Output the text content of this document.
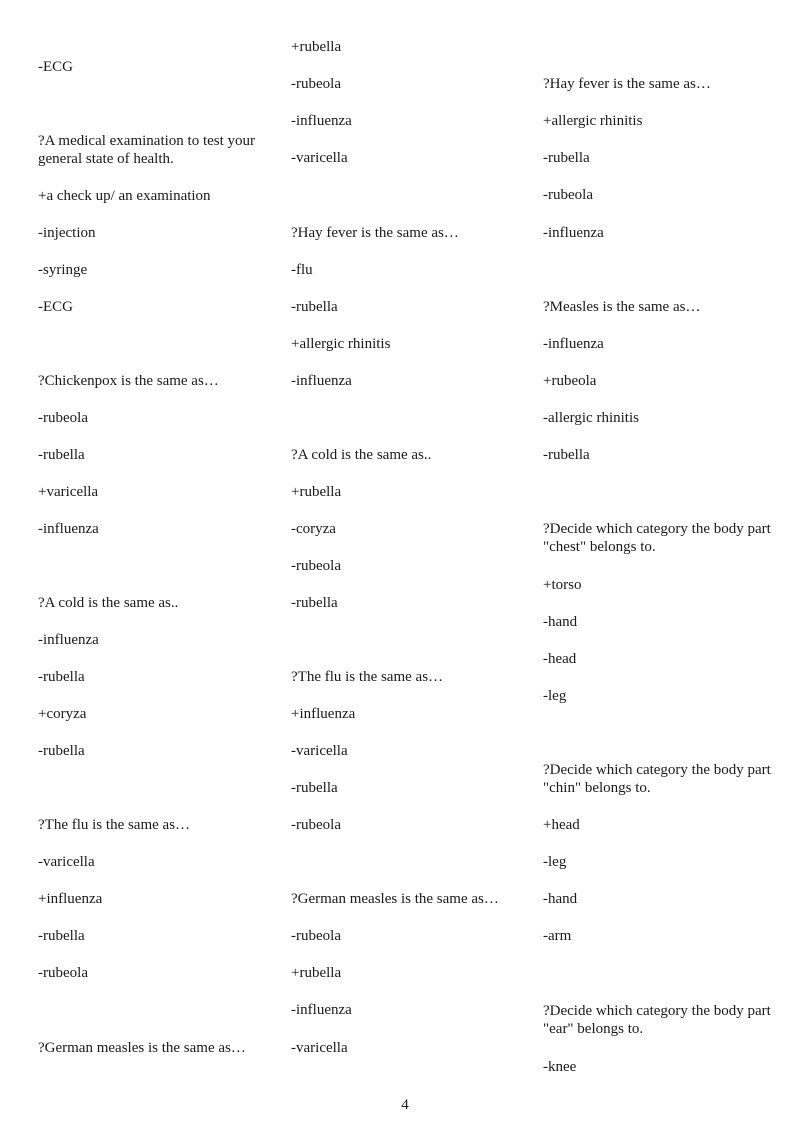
-ECG
?A medical examination to test your general state of health.
+a check up/ an examination
-injection
-syringe
-ECG
?Chickenpox is the same as…
-rubeola
-rubella
+varicella
-influenza
?A cold is the same as..
-influenza
-rubella
+coryza
-rubella
?The flu is the same as…
-varicella
+influenza
-rubella
-rubeola
?German measles is the same as…
+rubella
-rubeola
-influenza
-varicella
?Hay fever is the same as…
-flu
-rubella
+allergic rhinitis
-influenza
?A cold is the same as..
+rubella
-coryza
-rubeola
-rubella
?The flu is the same as…
+influenza
-varicella
-rubella
-rubeola
?German measles is the same as…
-rubeola
+rubella
-influenza
-varicella
?Hay fever is the same as…
+allergic rhinitis
-rubella
-rubeola
-influenza
?Measles is the same as…
-influenza
+rubeola
-allergic rhinitis
-rubella
?Decide which category the body part "chest" belongs to.
+torso
-hand
-head
-leg
?Decide which category the body part "chin" belongs to.
+head
-leg
-hand
-arm
?Decide which category the body part "ear" belongs to.
-knee
4
